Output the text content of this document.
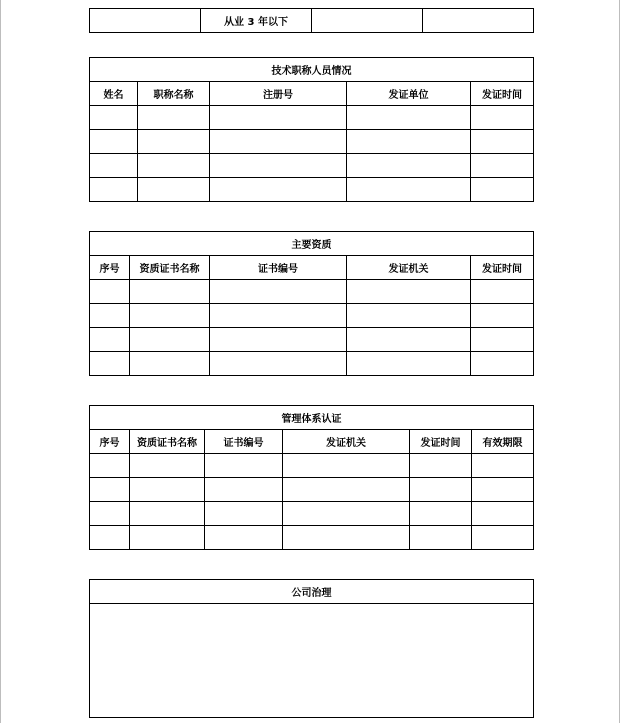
	从业 3 年以下		
技术职称人员情况				
姓名	职称名称	注册号	发证单位	发证时间

主要资质				
序号	资质证书名称	证书编号	发证机关	发证时间

管理体系认证					
序号	资质证书名称	证书编号	发证机关	发证时间	有效期限

公司治理
